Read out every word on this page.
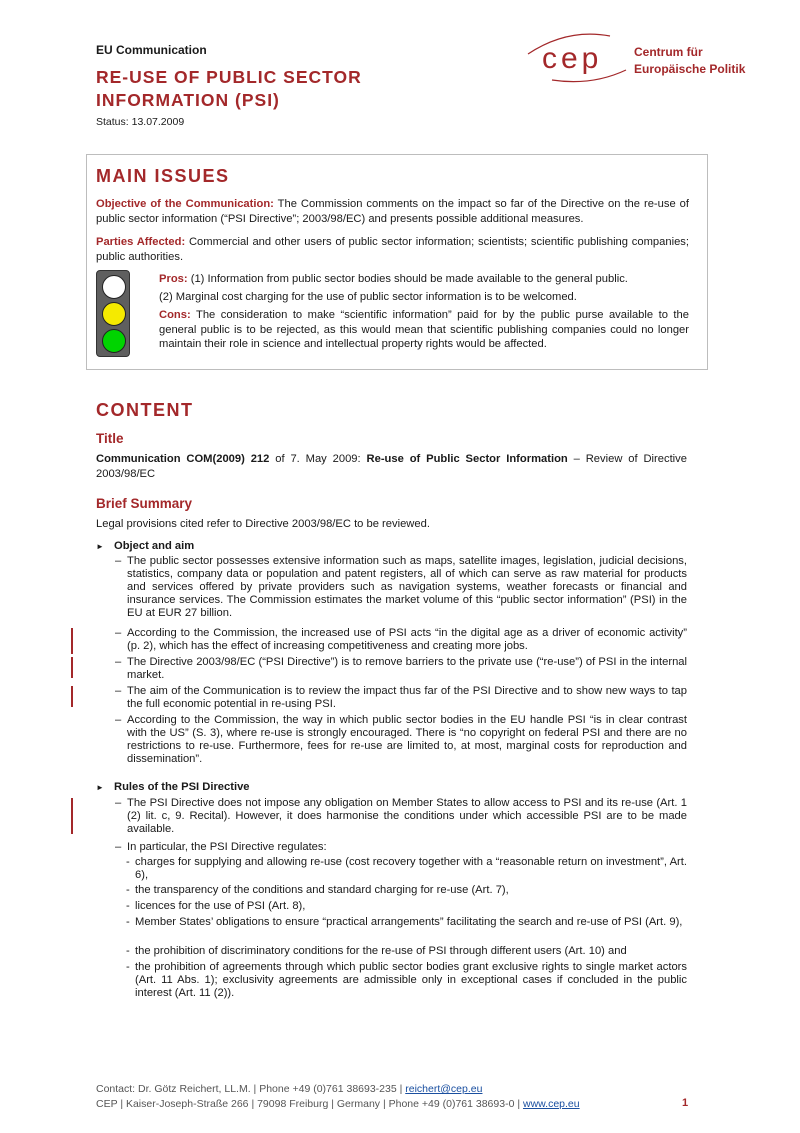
EU Communication
RE-USE OF PUBLIC SECTOR INFORMATION (PSI)
Status: 13.07.2009
cep	Centrum für
Europäische Politik
MAIN ISSUES
Objective of the Communication: The Commission comments on the impact so far of the Directive on the re-use of public sector information (“PSI Directive”; 2003/98/EC) and presents possible additional measures.
Parties Affected: Commercial and other users of public sector information; scientists; scientific publishing companies; public authorities.
Pros: (1) Information from public sector bodies should be made available to the general public.
(2) Marginal cost charging for the use of public sector information is to be welcomed.
Cons: The consideration to make “scientific information” paid for by the public purse available to the general public is to be rejected, as this would mean that scientific publishing companies could no longer maintain their role in science and intellectual property rights would be affected.
CONTENT
Title
Communication COM(2009) 212 of 7. May 2009: Re-use of Public Sector Information – Review of Directive 2003/98/EC
Brief Summary
Legal provisions cited refer to Directive 2003/98/EC to be reviewed.
► Object and aim
– The public sector possesses extensive information such as maps, satellite images, legislation, judicial decisions, statistics, company data or population and patent registers, all of which can serve as raw material for products and services offered by private providers such as navigation systems, weather forecasts or financial and insurance services. The Commission estimates the market volume of this “public sector information” (PSI) in the EU at EUR 27 billion.
– According to the Commission, the increased use of PSI acts “in the digital age as a driver of economic activity” (p. 2), which has the effect of increasing competitiveness and creating more jobs.
– The Directive 2003/98/EC (“PSI Directive”) is to remove barriers to the private use (“re-use”) of PSI in the internal market.
– The aim of the Communication is to review the impact thus far of the PSI Directive and to show new ways to tap the full economic potential in re-using PSI.
– According to the Commission, the way in which public sector bodies in the EU handle PSI “is in clear contrast with the US” (S. 3), where re-use is strongly encouraged. There is “no copyright on federal PSI and there are no restrictions to re-use. Furthermore, fees for re-use are limited to, at most, marginal costs for reproduction and dissemination”.
► Rules of the PSI Directive
– The PSI Directive does not impose any obligation on Member States to allow access to PSI and its re-use (Art. 1 (2) lit. c, 9. Recital). However, it does harmonise the conditions under which accessible PSI are to be made available.
– In particular, the PSI Directive regulates:
- charges for supplying and allowing re-use (cost recovery together with a “reasonable return on investment”, Art. 6),
- the transparency of the conditions and standard charging for re-use (Art. 7),
- licences for the use of PSI (Art. 8),
- Member States’ obligations to ensure “practical arrangements” facilitating the search and re-use of PSI (Art. 9),
- the prohibition of discriminatory conditions for the re-use of PSI through different users (Art. 10) and
- the prohibition of agreements through which public sector bodies grant exclusive rights to single market actors (Art. 11 Abs. 1); exclusivity agreements are admissible only in exceptional cases if concluded in the public interest (Art. 11 (2)).
Contact: Dr. Götz Reichert, LL.M. | Phone +49 (0)761 38693-235 | reichert@cep.eu
CEP | Kaiser-Joseph-Straße 266 | 79098 Freiburg | Germany | Phone +49 (0)761 38693-0 | www.cep.eu	1
